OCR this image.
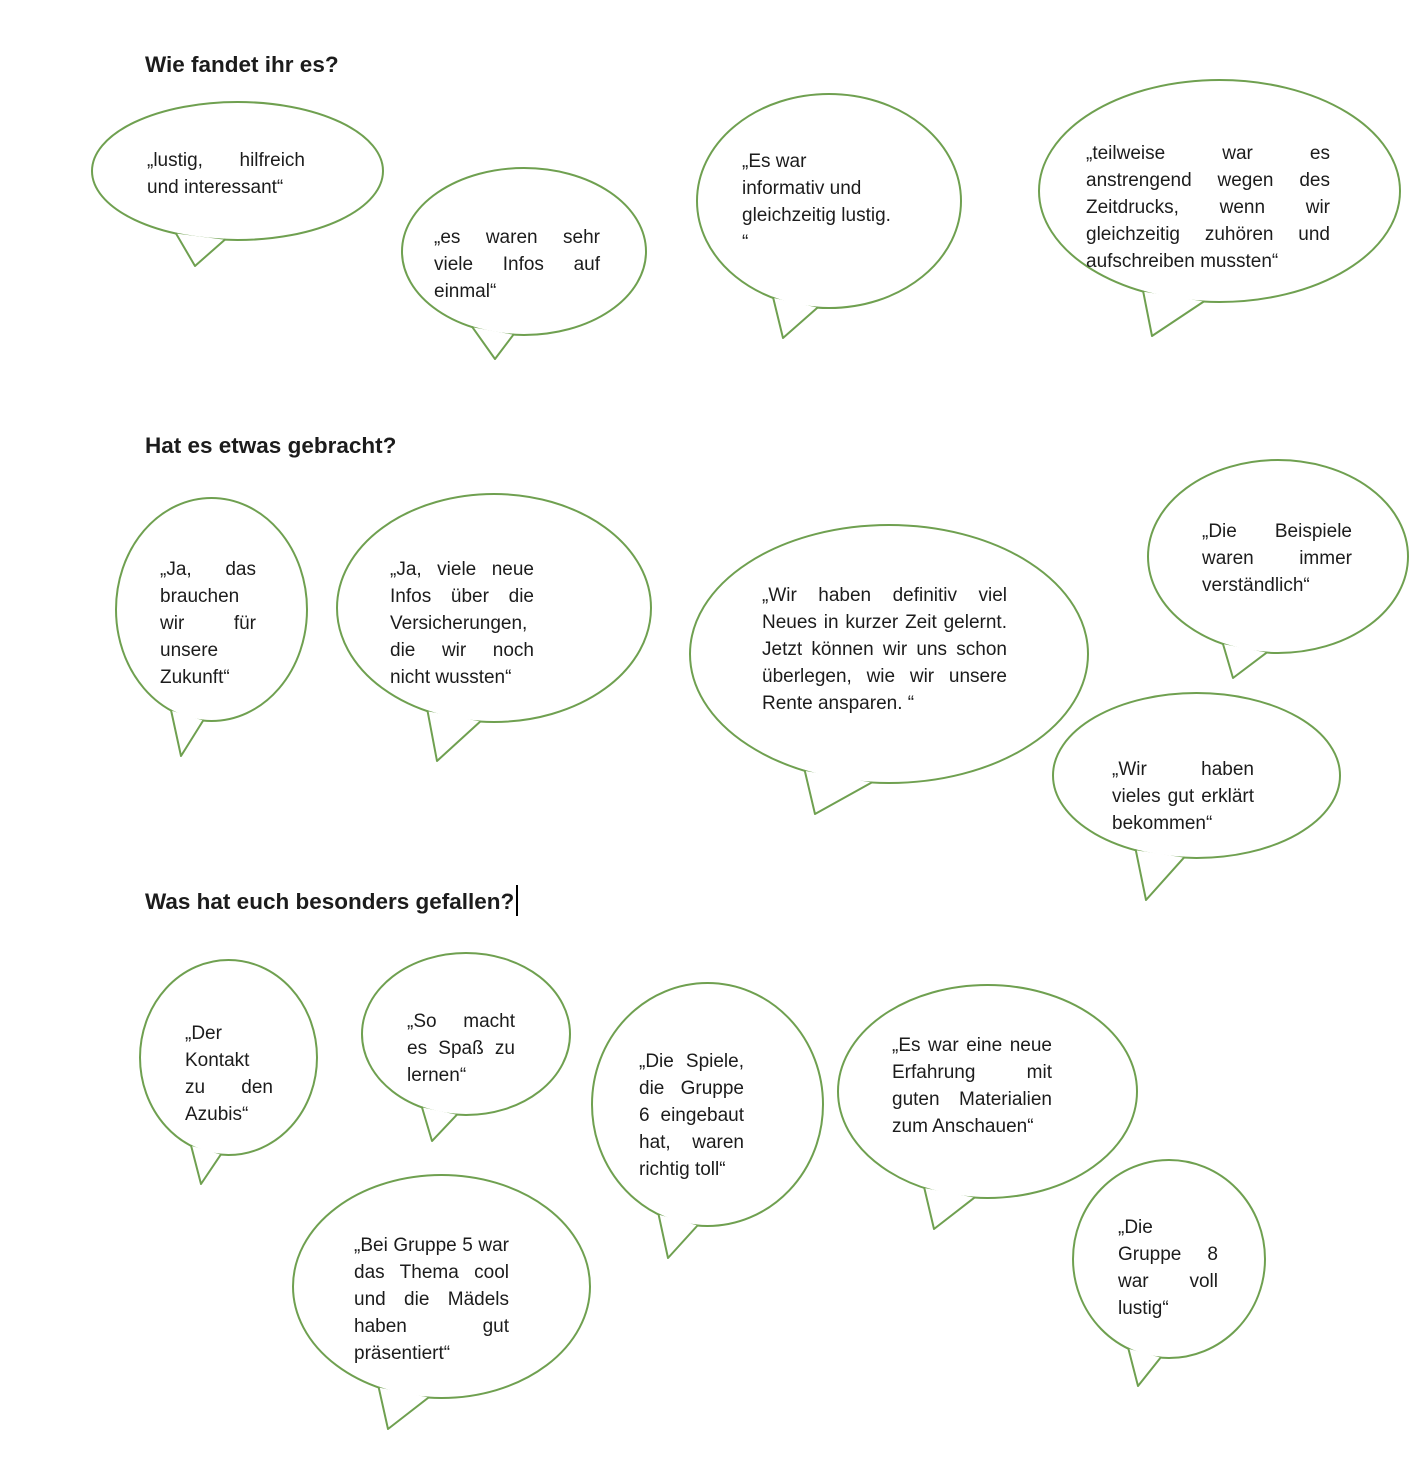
Wie fandet ihr es?
Hat es etwas gebracht?
Was hat euch besonders gefallen?
„lustig, hilfreich und interessant“
„es waren sehr viele Infos auf einmal“
„Es war informativ und gleichzeitig lustig. “
„teilweise war es anstrengend wegen des Zeitdrucks, wenn wir gleichzeitig zuhören und aufschreiben mussten“
„Ja, das brauchen wir für unsere Zukunft“
„Ja, viele neue Infos über die Versicherungen, die wir noch nicht wussten“
„Wir haben definitiv viel Neues in kurzer Zeit gelernt. Jetzt können wir uns schon überlegen, wie wir unsere Rente ansparen. “
„Die Beispiele waren immer verständlich“
„Wir haben vieles gut erklärt bekommen“
„Der Kontakt zu den Azubis“
„So macht es Spaß zu lernen“
„Die Spiele, die Gruppe 6 eingebaut hat, waren richtig toll“
„Es war eine neue Erfahrung mit guten Materialien zum Anschauen“
„Bei Gruppe 5 war das Thema cool und die Mädels haben gut präsentiert“
„Die Gruppe 8 war voll lustig“
